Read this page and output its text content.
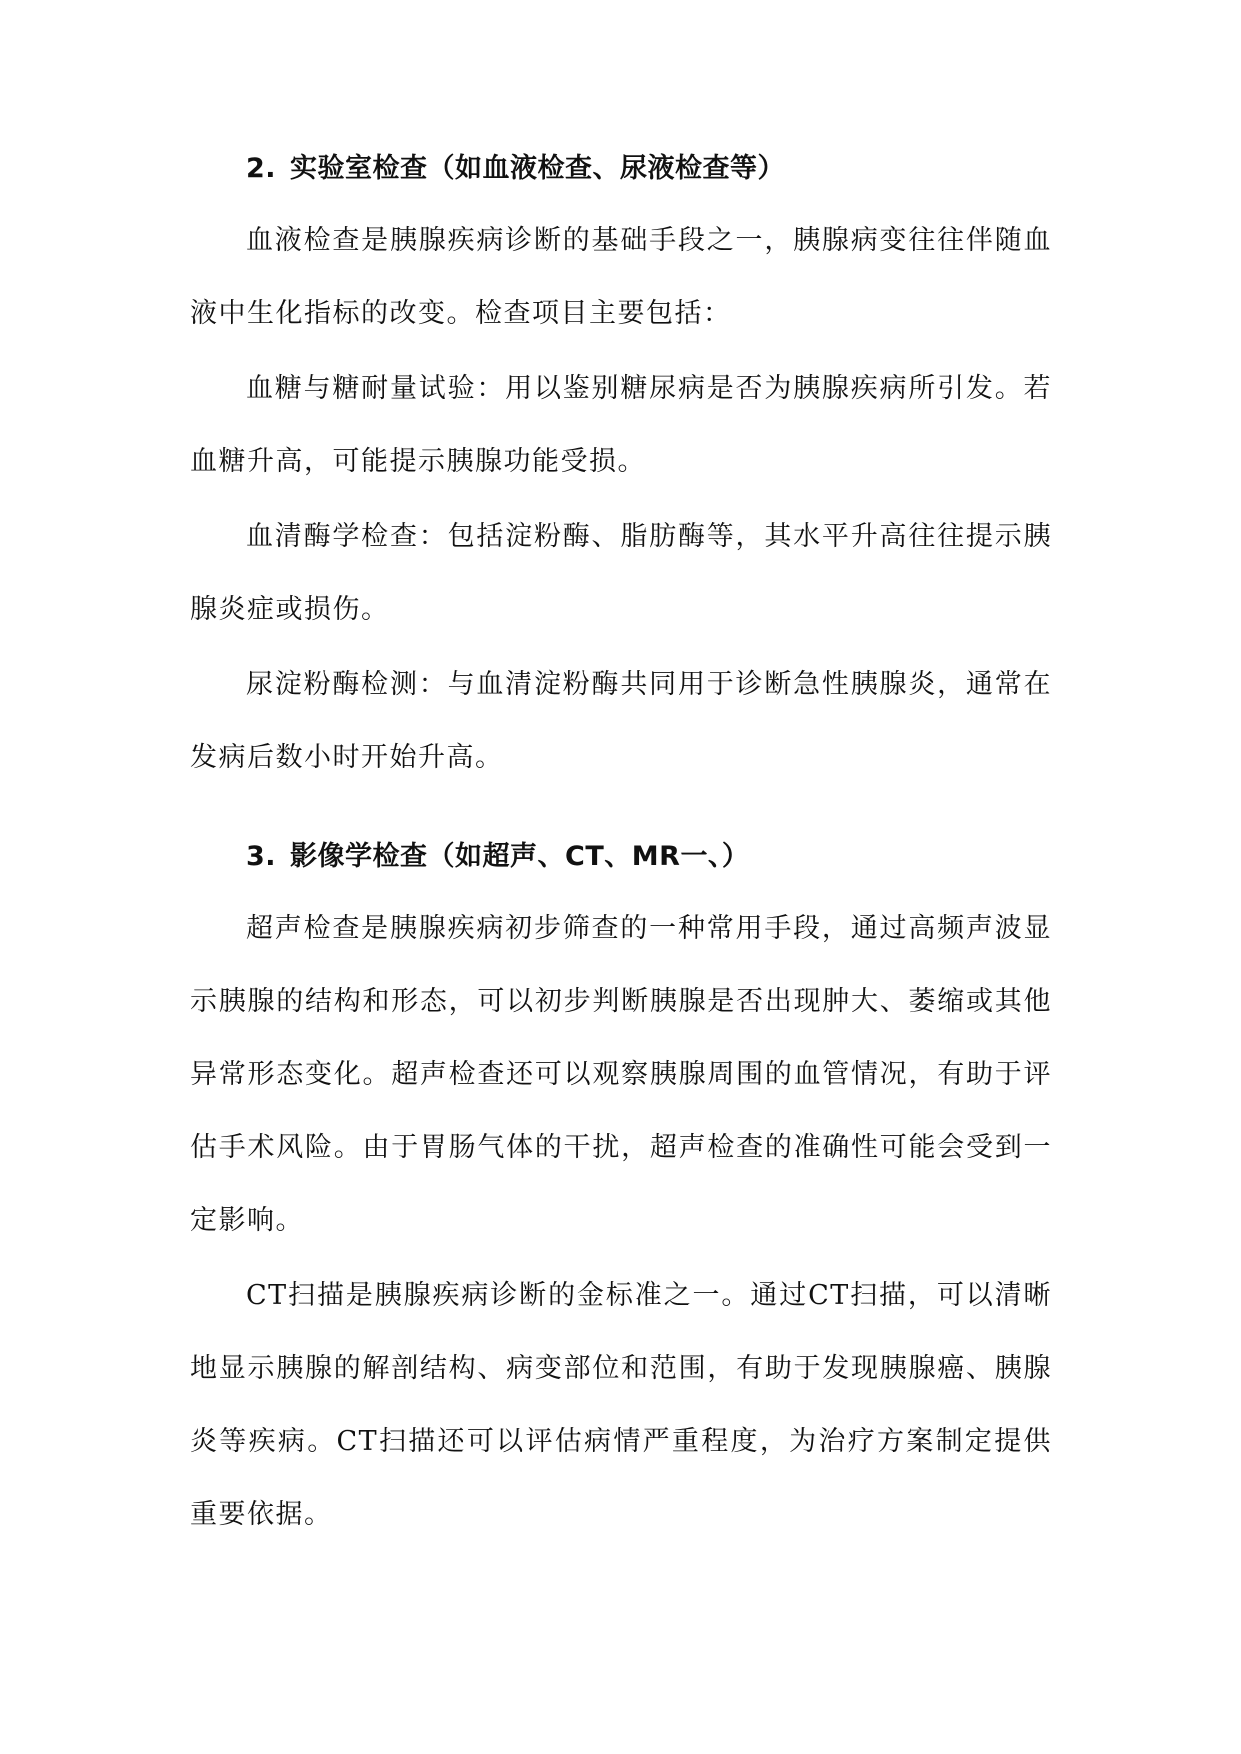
2. 实验室检查（如血液检查、尿液检查等）

血液检查是胰腺疾病诊断的基础手段之一，胰腺病变往往伴随血液中生化指标的改变。检查项目主要包括：

血糖与糖耐量试验：用以鉴别糖尿病是否为胰腺疾病所引发。若血糖升高，可能提示胰腺功能受损。

血清酶学检查：包括淀粉酶、脂肪酶等，其水平升高往往提示胰腺炎症或损伤。

尿淀粉酶检测：与血清淀粉酶共同用于诊断急性胰腺炎，通常在发病后数小时开始升高。

3. 影像学检查（如超声、CT、MR一、）

超声检查是胰腺疾病初步筛查的一种常用手段，通过高频声波显示胰腺的结构和形态，可以初步判断胰腺是否出现肿大、萎缩或其他异常形态变化。超声检查还可以观察胰腺周围的血管情况，有助于评估手术风险。由于胃肠气体的干扰，超声检查的准确性可能会受到一定影响。

CT扫描是胰腺疾病诊断的金标准之一。通过CT扫描，可以清晰地显示胰腺的解剖结构、病变部位和范围，有助于发现胰腺癌、胰腺炎等疾病。CT扫描还可以评估病情严重程度，为治疗方案制定提供重要依据。
